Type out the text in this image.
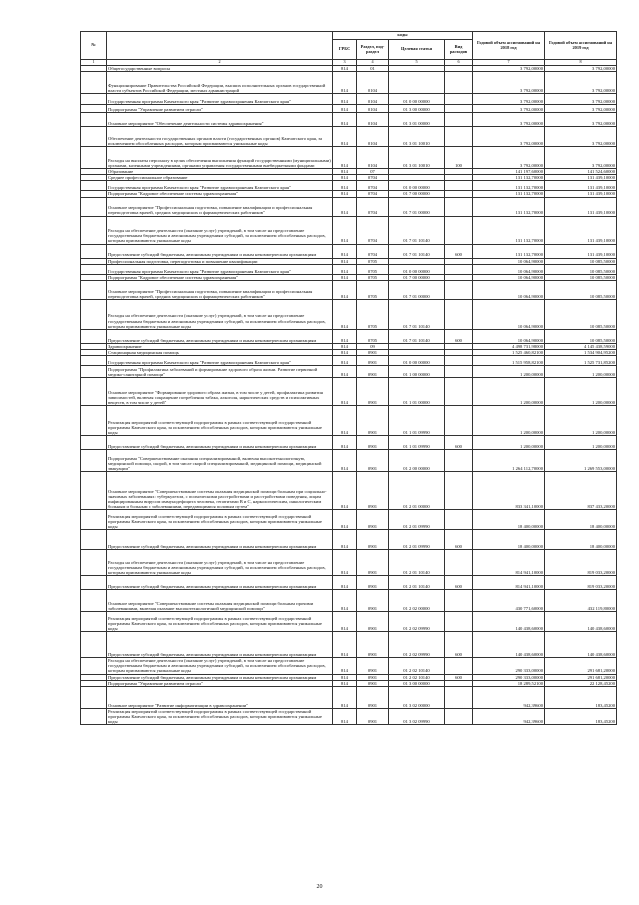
№		коды				Годовой объем ассигнований на 2018 год	Годовой объем ассигнований на 2019 год
		ГРБС	Раздел, под-раздел	Целевая статья	Вид расходов		
1	2	3	4	5	6	7	8
	Общегосударственные вопросы	814	01			3 792,00000	3 792,00000
	Функционирование Правительства Российской Федерации, высших исполнительных органов государственной власти субъектов Российской Федерации, местных администраций	814	0104			3 792,00000	3 792,00000
	Государственная программа Камчатского края "Развитие здравоохранения Камчатского края"	814	0104	01 0 00 00000		3 792,00000	3 792,00000
	Подпрограмма "Управление развитием отрасли"	814	0104	01 3 00 00000		3 792,00000	3 792,00000
	Основное мероприятие "Обеспечение деятельности системы здравоохранения"	814	0104	01 3 01 00000		3 792,00000	3 792,00000
	Обеспечение деятельности государственных органов власти (государственных органов) Камчатского края, за исключением обособленных расходов, которым присваиваются уникальные коды	814	0104	01 3 01 10010		3 792,00000	3 792,00000
	Расходы на выплаты персоналу в целях обеспечения выполнения функций государственными (муниципальными) органами, казенными учреждениями, органами управления государственными внебюджетными фондами	814	0104	01 3 01 10010	100	3 792,00000	3 792,00000
	Образование	814	07			141 197,60000	141 524,60000
	Среднее профессиональное образование	814	0704			131 132,70000	131 439,10000
	Государственная программа Камчатского края "Развитие здравоохранения Камчатского края"	814	0704	01 0 00 00000		131 132,70000	131 439,10000
	Подпрограмма "Кадровое обеспечение системы здравоохранения"	814	0704	01 7 00 00000		131 132,70000	131 439,10000
	Основное мероприятие "Профессиональная подготовка, повышение квалификации и профессиональная переподготовка врачей, средних медицинских и фармацевтических работников"	814	0704	01 7 01 00000		131 132,70000	131 439,10000
	Расходы на обеспечение деятельности (оказание услуг) учреждений, в том числе на предоставление государственным бюджетным и автономным учреждениям субсидий, за исключением обособленных расходов, которым присваиваются уникальные коды	814	0704	01 7 01 10140		131 132,70000	131 439,10000
	Предоставление субсидий бюджетным, автономным учреждениям и иным некоммерческим организациям	814	0704	01 7 01 10140	600	131 132,70000	131 439,10000
	Профессиональная подготовка, переподготовка и повышение квалификации	814	0705			10 064,90000	10 085,50000
	Государственная программа Камчатского края "Развитие здравоохранения Камчатского края"	814	0705	01 0 00 00000		10 064,90000	10 085,50000
	Подпрограмма "Кадровое обеспечение системы здравоохранения"	814	0705	01 7 00 00000		10 064,90000	10 085,50000
	Основное мероприятие "Профессиональная подготовка, повышение квалификации и профессиональная переподготовка врачей, средних медицинских и фармацевтических работников"	814	0705	01 7 01 00000		10 064,90000	10 085,50000
	Расходы на обеспечение деятельности (оказание услуг) учреждений, в том числе на предоставление государственным бюджетным и автономным учреждениям субсидий, за исключением обособленных расходов, которым присваиваются уникальные коды	814	0705	01 7 01 10140		10 064,90000	10 085,50000
	Предоставление субсидий бюджетным, автономным учреждениям и иным некоммерческим организациям	814	0705	01 7 01 10140	600	10 064,90000	10 085,50000
	Здравоохранение	814	09			4 498 731,98000	4 145 438,59000
	Стационарная медицинская помощь	814	0901			1 525 460,82100	1 534 904,95200
	Государственная программа Камчатского края "Развитие здравоохранения Камчатского края"	814	0901	01 0 00 00000		1 515 958,82100	1 525 731,85200
	Подпрограмма "Профилактика заболеваний и формирование здорового образа жизни. Развитие первичной медико-санитарной помощи"	814	0901	01 1 00 00000		1 200,00000	1 200,00000
	Основное мероприятие "Формирование здорового образа жизни, в том числе у детей, профилактика развития зависимостей, включая сокращение потребления табака, алкоголя, наркотических средств и психоактивных веществ, в том числе у детей"	814	0901	01 1 01 00000		1 200,00000	1 200,00000
	Реализация мероприятий соответствующей подпрограммы в рамках соответствующей государственной программы Камчатского края, за исключением обособленных расходов, которым присваиваются уникальные коды	814	0901	01 1 01 09990		1 200,00000	1 200,00000
	Предоставление субсидий бюджетным, автономным учреждениям и иным некоммерческим организациям	814	0901	01 1 01 09990	600	1 200,00000	1 200,00000
	Подпрограмма "Совершенствование оказания специализированной, включая высокотехнологичную, медицинской помощи, скорой, в том числе скорой специализированной, медицинской помощи, медицинской эвакуации"	814	0901	01 2 00 00000		1 264 112,70000	1 269 553,00000
	Основное мероприятие "Совершенствование системы оказания медицинской помощи больным при социально-значимых заболеваниях: туберкулезом, с психическими расстройствами и расстройствами поведения, лицам инфицированным вирусом иммунодефицита человека, гепатитами В и С, наркологическим, онкологическим больным и больным с заболеваниями, передающимися половым путем"	814	0901	01 2 01 00000		833 341,10000	837 433,20000
	Реализация мероприятий соответствующей подпрограммы в рамках соответствующей государственной программы Камчатского края, за исключением обособленных расходов, которым присваиваются уникальные коды	814	0901	01 2 01 09990		18 400,00000	18 400,00000
	Предоставление субсидий бюджетным, автономным учреждениям и иным некоммерческим организациям	814	0901	01 2 01 09990	600	18 400,00000	18 400,00000
	Расходы на обеспечение деятельности (оказание услуг) учреждений, в том числе на предоставление государственным бюджетным и автономным учреждениям субсидий, за исключением обособленных расходов, которым присваиваются уникальные коды	814	0901	01 2 01 10140		814 941,10000	819 033,20000
	Предоставление субсидий бюджетным, автономным учреждениям и иным некоммерческим организациям	814	0901	01 2 01 10140	600	814 941,10000	819 033,20000
	Основное мероприятие "Совершенствование системы оказания медицинской помощи больным прочими заболеваниями, включая оказание высокотехнологичной медицинской помощи"	814	0901	01 2 02 00000		430 771,60000	432 119,80000
	Реализация мероприятий соответствующей подпрограммы в рамках соответствующей государственной программы Камчатского края, за исключением обособленных расходов, которым присваиваются уникальные коды	814	0901	01 2 02 09990		140 438,60000	140 438,60000
	Предоставление субсидий бюджетным, автономным учреждениям и иным некоммерческим организациям	814	0901	01 2 02 09990	600	140 438,60000	140 438,60000
	Расходы на обеспечение деятельности (оказание услуг) учреждений, в том числе на предоставление государственным бюджетным и автономным учреждениям субсидий, за исключением обособленных расходов, которым присваиваются уникальные коды	814	0901	01 2 02 10140		290 333,00000	291 681,20000
	Предоставление субсидий бюджетным, автономным учреждениям и иным некоммерческим организациям	814	0901	01 2 02 10140	600	290 333,00000	291 681,20000
	Подпрограмма "Управление развитием отрасли"	814	0901	01 3 00 00000		18 289,52100	22 128,45200
	Основное мероприятие "Развитие информатизации в здравоохранении"	814	0901	01 3 02 00000		942,39600	183,45200
	Реализация мероприятий соответствующей подпрограммы в рамках соответствующей государственной программы Камчатского края, за исключением обособленных расходов, которым присваиваются уникальные коды	814	0901	01 3 02 09990		942,39600	183,45200
20
